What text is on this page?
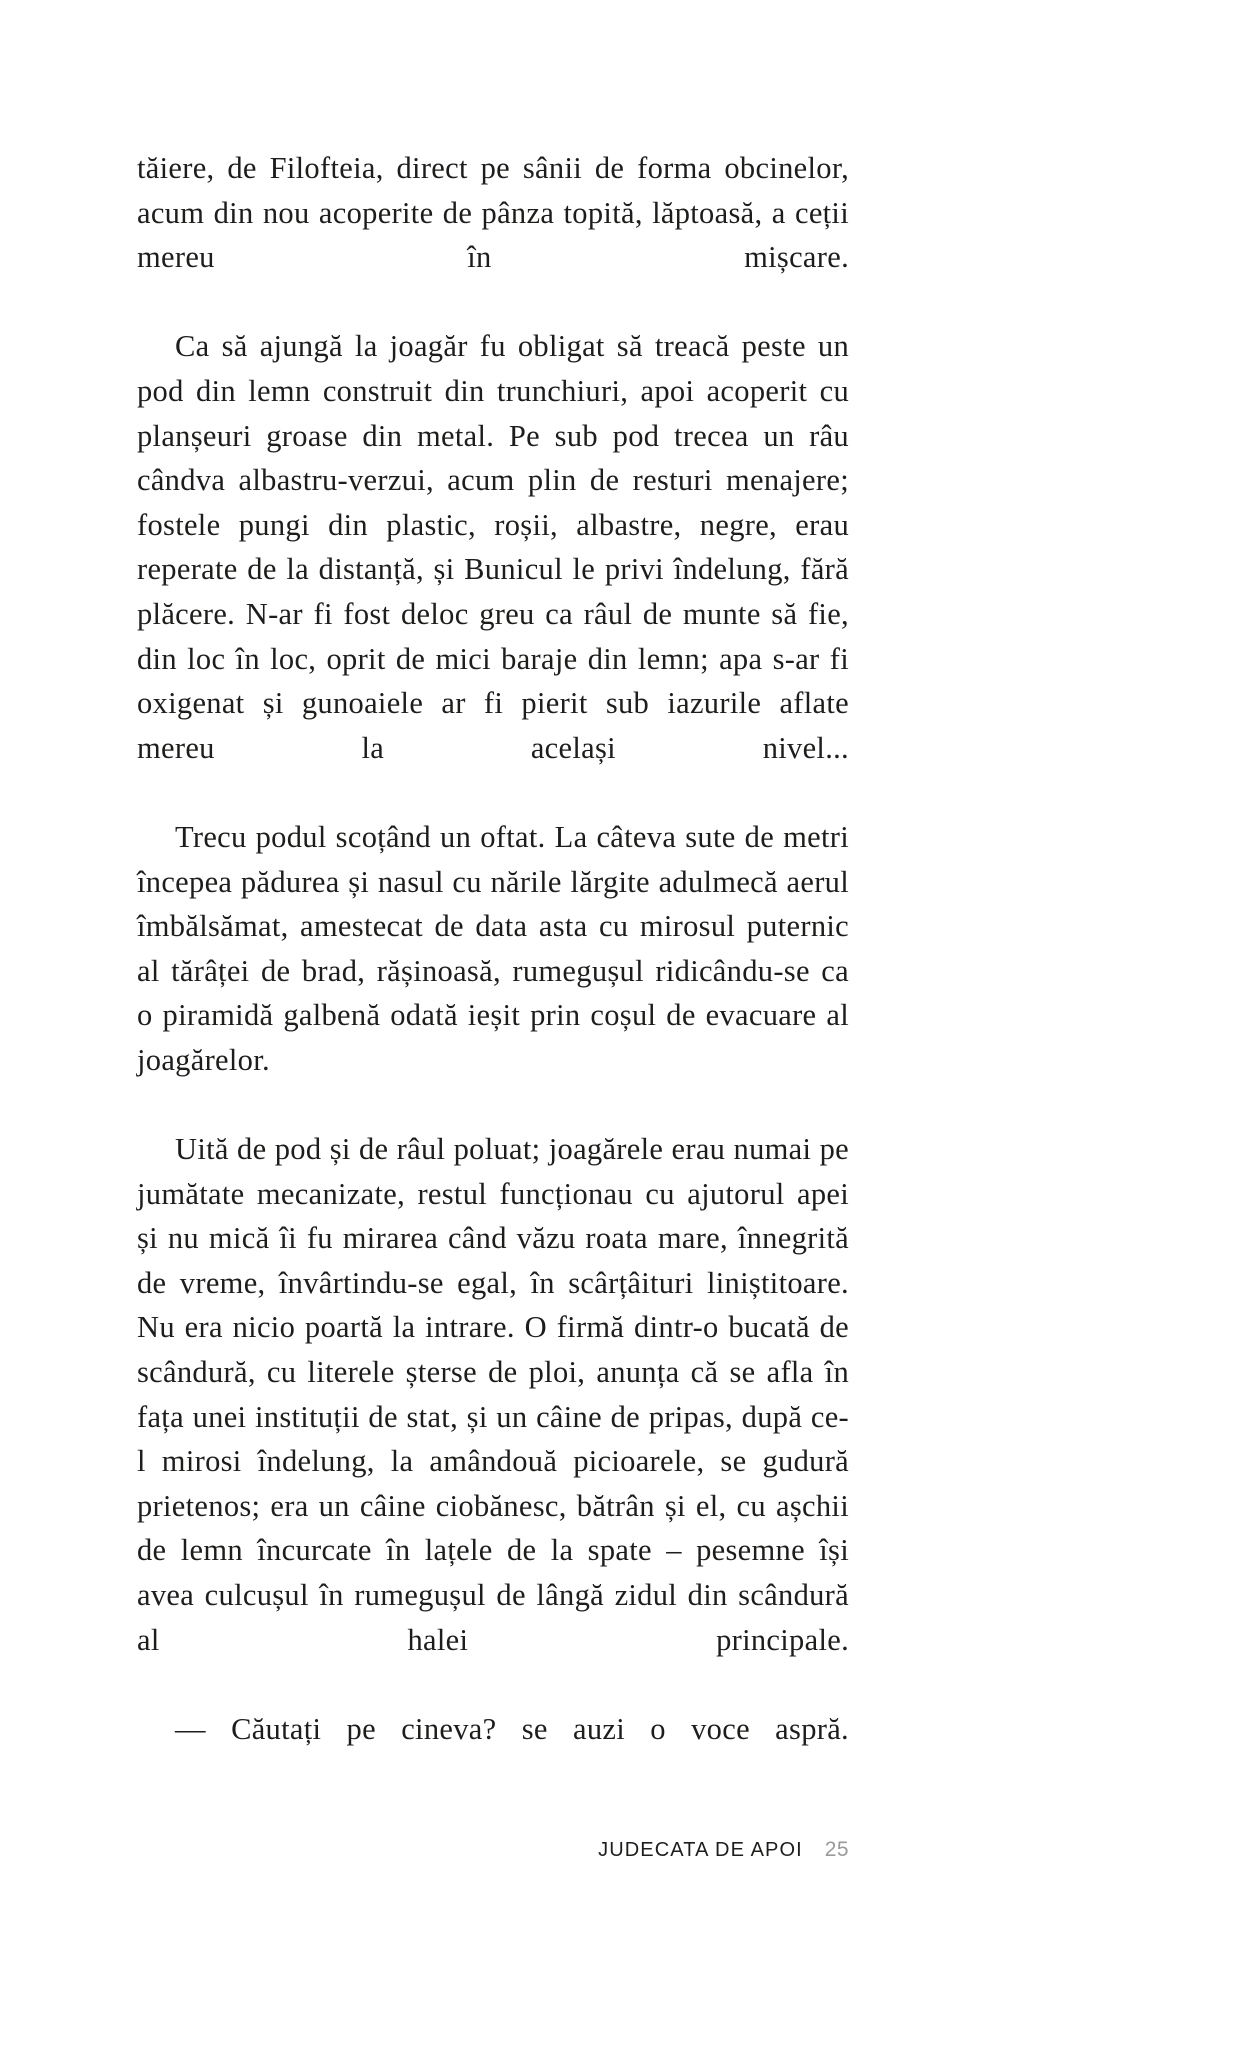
tăiere, de Filofteia, direct pe sânii de forma obcinelor, acum din nou acoperite de pânza topită, lăptoasă, a ceții mereu în mișcare.

Ca să ajungă la joagăr fu obligat să treacă peste un pod din lemn construit din trunchiuri, apoi acoperit cu planșeuri groase din metal. Pe sub pod trecea un râu cândva albastru-verzui, acum plin de resturi menajere; fostele pungi din plastic, roșii, albastre, negre, erau reperate de la distanță, și Bunicul le privi îndelung, fără plăcere. N-ar fi fost deloc greu ca râul de munte să fie, din loc în loc, oprit de mici baraje din lemn; apa s-ar fi oxigenat și gunoaiele ar fi pierit sub iazurile aflate mereu la același nivel...

Trecu podul scoțând un oftat. La câteva sute de metri începea pădurea și nasul cu nările lărgite adulmecă aerul îmbălsămat, amestecat de data asta cu mirosul puternic al tărâței de brad, rășinoasă, rumegușul ridicându-se ca o piramidă galbenă odată ieșit prin coșul de evacuare al joagărelor.

Uită de pod și de râul poluat; joagărele erau numai pe jumătate mecanizate, restul funcționau cu ajutorul apei și nu mică îi fu mirarea când văzu roata mare, înnegrită de vreme, învârtindu-se egal, în scârțâituri liniștitoare. Nu era nicio poartă la intrare. O firmă dintr-o bucată de scândură, cu literele șterse de ploi, anunța că se afla în fața unei instituții de stat, și un câine de pripas, după ce-l mirosi îndelung, la amândouă picioarele, se gudură prietenos; era un câine ciobănesc, bătrân și el, cu așchii de lemn încurcate în lațele de la spate – pesemne își avea culcușul în rumegușul de lângă zidul din scândură al halei principale.

— Căutați pe cineva? se auzi o voce aspră.

JUDECATA DE APOI 25
